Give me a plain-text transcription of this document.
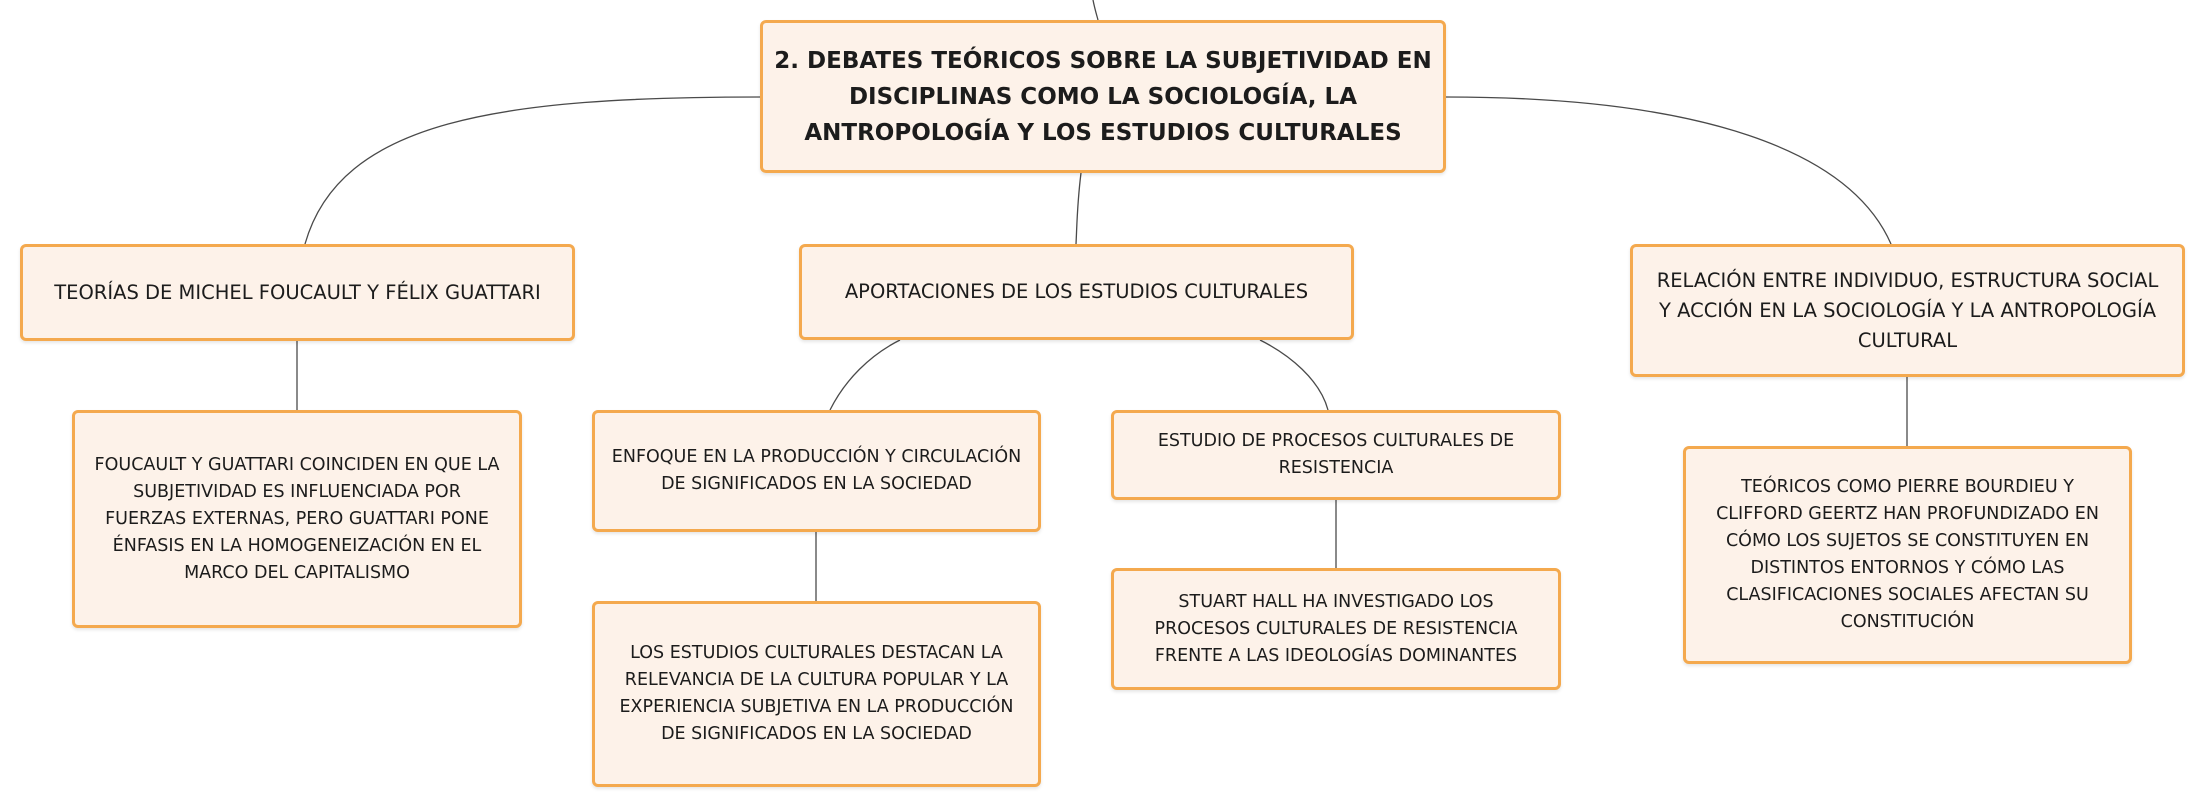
2. DEBATES TEÓRICOS SOBRE LA SUBJETIVIDAD EN DISCIPLINAS COMO LA SOCIOLOGÍA, LA ANTROPOLOGÍA Y LOS ESTUDIOS CULTURALES
TEORÍAS DE MICHEL FOUCAULT Y FÉLIX GUATTARI	APORTACIONES DE LOS ESTUDIOS CULTURALES	RELACIÓN ENTRE INDIVIDUO, ESTRUCTURA SOCIAL Y ACCIÓN EN LA SOCIOLOGÍA Y LA ANTROPOLOGÍA CULTURAL
FOUCAULT Y GUATTARI COINCIDEN EN QUE LA SUBJETIVIDAD ES INFLUENCIADA POR FUERZAS EXTERNAS, PERO GUATTARI PONE ÉNFASIS EN LA HOMOGENEIZACIÓN EN EL MARCO DEL CAPITALISMO
ENFOQUE EN LA PRODUCCIÓN Y CIRCULACIÓN DE SIGNIFICADOS EN LA SOCIEDAD
ESTUDIO DE PROCESOS CULTURALES DE RESISTENCIA
LOS ESTUDIOS CULTURALES DESTACAN LA RELEVANCIA DE LA CULTURA POPULAR Y LA EXPERIENCIA SUBJETIVA EN LA PRODUCCIÓN DE SIGNIFICADOS EN LA SOCIEDAD
STUART HALL HA INVESTIGADO LOS PROCESOS CULTURALES DE RESISTENCIA FRENTE A LAS IDEOLOGÍAS DOMINANTES
TEÓRICOS COMO PIERRE BOURDIEU Y CLIFFORD GEERTZ HAN PROFUNDIZADO EN CÓMO LOS SUJETOS SE CONSTITUYEN EN DISTINTOS ENTORNOS Y CÓMO LAS CLASIFICACIONES SOCIALES AFECTAN SU CONSTITUCIÓN
